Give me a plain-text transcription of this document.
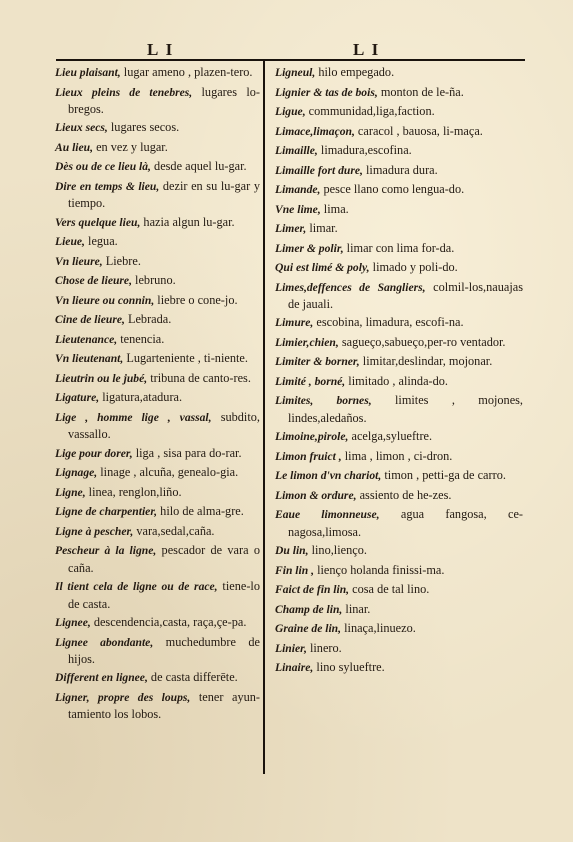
L I	L I

Lieu plaisant, lugar ameno , plazen-tero.

Lieux pleins de tenebres, lugares lo-bregos.

Lieux secs, lugares secos.

Au lieu, en vez y lugar.

Dès ou de ce lieu là, desde aquel lu-gar.

Dire en temps & lieu, dezir en su lu-gar y tiempo.

Vers quelque lieu, hazia algun lu-gar.

Lieue, legua.

Vn lieure, Liebre.

Chose de lieure, lebruno.

Vn lieure ou connin, liebre o cone-jo.

Cine de lieure, Lebrada.

Lieutenance, tenencia.

Vn lieutenant, Lugarteniente , ti-niente.

Lieutrin ou le jubé, tribuna de canto-res.

Ligature, ligatura,atadura.

Lige , homme lige , vassal, subdito, vassallo.

Lige pour dorer, liga , sisa para do-rar.

Lignage, linage , alcuña, genealo-gia.

Ligne, linea, renglon,liño.

Ligne de charpentier, hilo de alma-gre.

Ligne à pescher, vara,sedal,caña.

Pescheur à la ligne, pescador de vara o caña.

Il tient cela de ligne ou de race, tiene-lo de casta.

Lignee, descendencia,casta, raça,çe-pa.

Lignee abondante, muchedumbre de hijos.

Different en lignee, de casta differēte.

Ligner, propre des loups, tener ayun-tamiento los lobos.

Ligneul, hilo empegado.

Lignier & tas de bois, monton de le-ña.

Ligue, communidad,liga,faction.

Limace,limaçon, caracol , bauosa, li-maça.

Limaille, limadura,escofina.

Limaille fort dure, limadura dura.

Limande, pesce llano como lengua-do.

Vne lime, lima.

Limer, limar.

Limer & polir, limar con lima for-da.

Qui est limé & poly, limado y poli-do.

Limes,deffences de Sangliers, colmil-los,nauajas de jauali.

Limure, escobina, limadura, escofi-na.

Limier,chien, sagueço,sabueço,per-ro ventador.

Limiter & borner, limitar,deslindar, mojonar.

Limité , borné, limitado , alinda-do.

Limites, bornes, limites , mojones, lindes,aledaños.

Limoine,pirole, acelga,sylueftre.

Limon fruict , lima , limon , ci-dron.

Le limon d'vn chariot, timon , petti-ga de carro.

Limon & ordure, assiento de he-zes.

Eaue limonneuse, agua fangosa, ce-nagosa,limosa.

Du lin, lino,lienço.

Fin lin , lienço holanda finissi-ma.

Faict de fin lin, cosa de tal lino.

Champ de lin, linar.

Graine de lin, linaça,linuezo.

Linier, linero.

Linaire, lino sylueftre.
